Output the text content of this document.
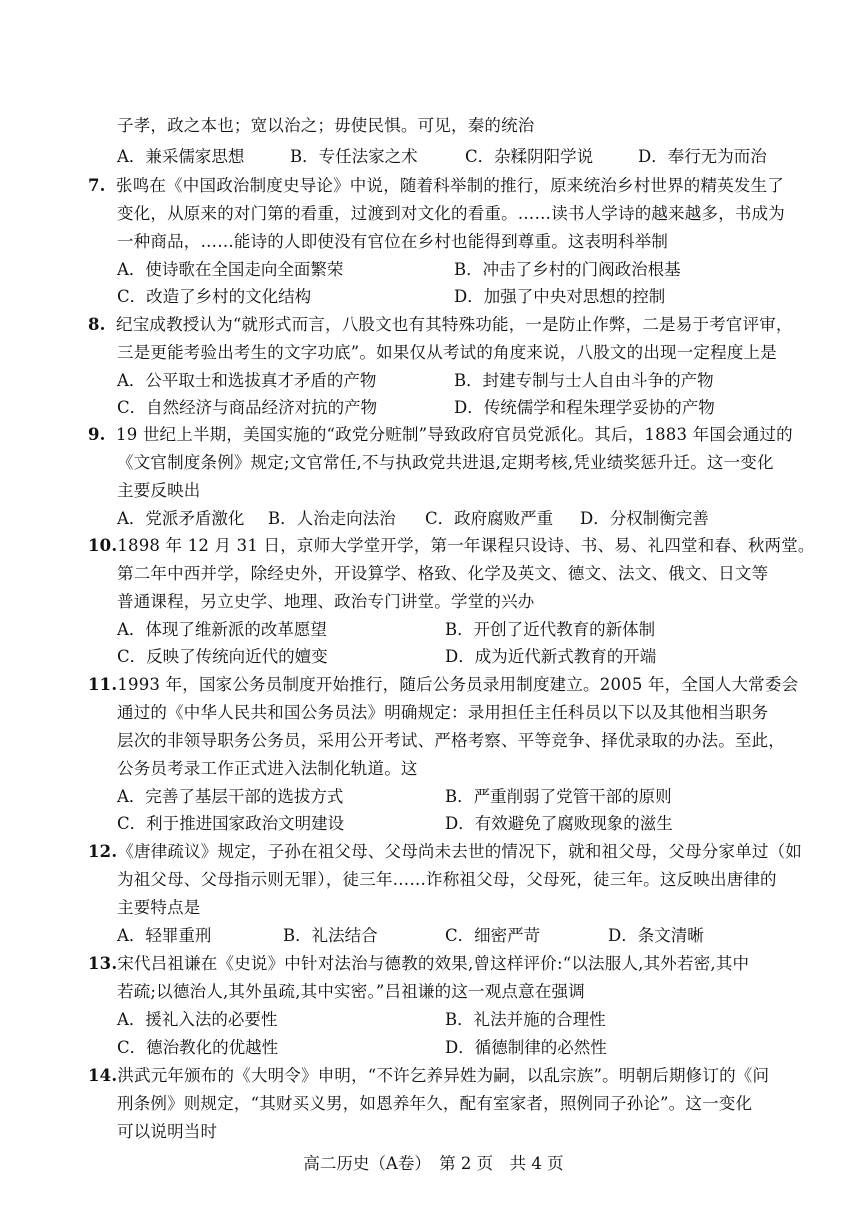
子孝，政之本也；宽以治之；毋使民惧。可见，秦的统治
A．兼采儒家思想	B．专任法家之术	C．杂糅阴阳学说	D．奉行无为而治
7. 张鸣在《中国政治制度史导论》中说，随着科举制的推行，原来统治乡村世界的精英发生了
变化，从原来的对门第的看重，过渡到对文化的看重。……读书人学诗的越来越多，书成为
一种商品，……能诗的人即使没有官位在乡村也能得到尊重。这表明科举制
A．使诗歌在全国走向全面繁荣	B．冲击了乡村的门阀政治根基
C．改造了乡村的文化结构	D．加强了中央对思想的控制
8. 纪宝成教授认为“就形式而言，八股文也有其特殊功能，一是防止作弊，二是易于考官评审，
三是更能考验出考生的文字功底”。如果仅从考试的角度来说，八股文的出现一定程度上是
A．公平取士和选拔真才矛盾的产物	B．封建专制与士人自由斗争的产物
C．自然经济与商品经济对抗的产物	D．传统儒学和程朱理学妥协的产物
9. 19 世纪上半期，美国实施的“政党分赃制”导致政府官员党派化。其后，1883 年国会通过的
《文官制度条例》规定;文官常任,不与执政党共进退,定期考核,凭业绩奖惩升迁。这一变化
主要反映出
A．党派矛盾激化 B．人治走向法治 C．政府腐败严重 D．分权制衡完善
10.1898 年 12 月 31 日，京师大学堂开学，第一年课程只设诗、书、易、礼四堂和春、秋两堂。
第二年中西并学，除经史外，开设算学、格致、化学及英文、德文、法文、俄文、日文等
普通课程，另立史学、地理、政治专门讲堂。学堂的兴办
A．体现了维新派的改革愿望	B．开创了近代教育的新体制
C．反映了传统向近代的嬗变	D．成为近代新式教育的开端
11.1993 年，国家公务员制度开始推行，随后公务员录用制度建立。2005 年，全国人大常委会
通过的《中华人民共和国公务员法》明确规定：录用担任主任科员以下以及其他相当职务
层次的非领导职务公务员，采用公开考试、严格考察、平等竞争、择优录取的办法。至此，
公务员考录工作正式进入法制化轨道。这
A．完善了基层干部的选拔方式	B．严重削弱了党管干部的原则
C．利于推进国家政治文明建设	D．有效避免了腐败现象的滋生
12.《唐律疏议》规定，子孙在祖父母、父母尚未去世的情况下，就和祖父母，父母分家单过（如
为祖父母、父母指示则无罪），徒三年……诈称祖父母，父母死，徒三年。这反映出唐律的
主要特点是
A．轻罪重刑	B．礼法结合	C．细密严苛	D．条文清晰
13.宋代吕祖谦在《史说》中针对法治与德教的效果,曾这样评价:“以法服人,其外若密,其中
若疏;以德治人,其外虽疏,其中实密。”吕祖谦的这一观点意在强调
A．援礼入法的必要性	B．礼法并施的合理性
C．德治教化的优越性	D．循德制律的必然性
14.洪武元年颁布的《大明令》申明，“不许乞养异姓为嗣，以乱宗族”。明朝后期修订的《问
刑条例》则规定，“其财买义男，如恩养年久，配有室家者，照例同子孙论”。这一变化
可以说明当时
高二历史（A卷）　第 2 页　共 4 页
